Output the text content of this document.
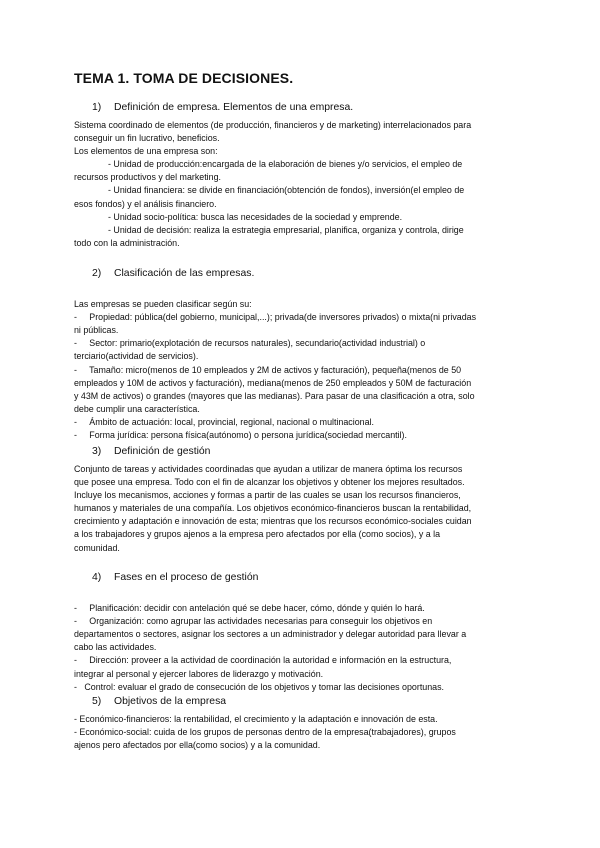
TEMA 1. TOMA DE DECISIONES.
1) Definición de empresa. Elementos de una empresa.

Sistema coordinado de elementos (de producción, financieros y de marketing) interrelacionados para
conseguir un fin lucrativo, beneficios.
Los elementos de una empresa son:
- Unidad de producción:encargada de la elaboración de bienes y/o servicios, el empleo de
recursos productivos y del marketing.
- Unidad financiera: se divide en financiación(obtención de fondos), inversión(el empleo de
esos fondos) y el análisis financiero.
- Unidad socio-política: busca las necesidades de la sociedad y emprende.
- Unidad de decisión: realiza la estrategia empresarial, planifica, organiza y controla, dirige
todo con la administración.

2) Clasificación de las empresas.

Las empresas se pueden clasificar según su:
-     Propiedad: pública(del gobierno, municipal,...); privada(de inversores privados) o mixta(ni privadas
ni públicas.
-     Sector: primario(explotación de recursos naturales), secundario(actividad industrial) o
terciario(actividad de servicios).
-     Tamaño: micro(menos de 10 empleados y 2M de activos y facturación), pequeña(menos de 50
empleados y 10M de activos y facturación), mediana(menos de 250 empleados y 50M de facturación
y 43M de activos) o grandes (mayores que las medianas). Para pasar de una clasificación a otra, solo
debe cumplir una característica.
-     Ámbito de actuación: local, provincial, regional, nacional o multinacional.
-     Forma jurídica: persona física(autónomo) o persona jurídica(sociedad mercantil).

3) Definición de gestión

Conjunto de tareas y actividades coordinadas que ayudan a utilizar de manera óptima los recursos
que posee una empresa. Todo con el fin de alcanzar los objetivos y obtener los mejores resultados.
Incluye los mecanismos, acciones y formas a partir de las cuales se usan los recursos financieros,
humanos y materiales de una compañía. Los objetivos económico-financieros buscan la rentabilidad,
crecimiento y adaptación e innovación de esta; mientras que los recursos económico-sociales cuidan
a los trabajadores y grupos ajenos a la empresa pero afectados por ella (como socios), y a la
comunidad.

4) Fases en el proceso de gestión

-     Planificación: decidir con antelación qué se debe hacer, cómo, dónde y quién lo hará.
-     Organización: como agrupar las actividades necesarias para conseguir los objetivos en
departamentos o sectores, asignar los sectores a un administrador y delegar autoridad para llevar a
cabo las actividades.
-     Dirección: proveer a la actividad de coordinación la autoridad e información en la estructura,
integrar al personal y ejercer labores de liderazgo y motivación.
-   Control: evaluar el grado de consecución de los objetivos y tomar las decisiones oportunas.

5) Objetivos de la empresa

- Económico-financieros: la rentabilidad, el crecimiento y la adaptación e innovación de esta.
- Económico-social: cuida de los grupos de personas dentro de la empresa(trabajadores), grupos
ajenos pero afectados por ella(como socios) y a la comunidad.
